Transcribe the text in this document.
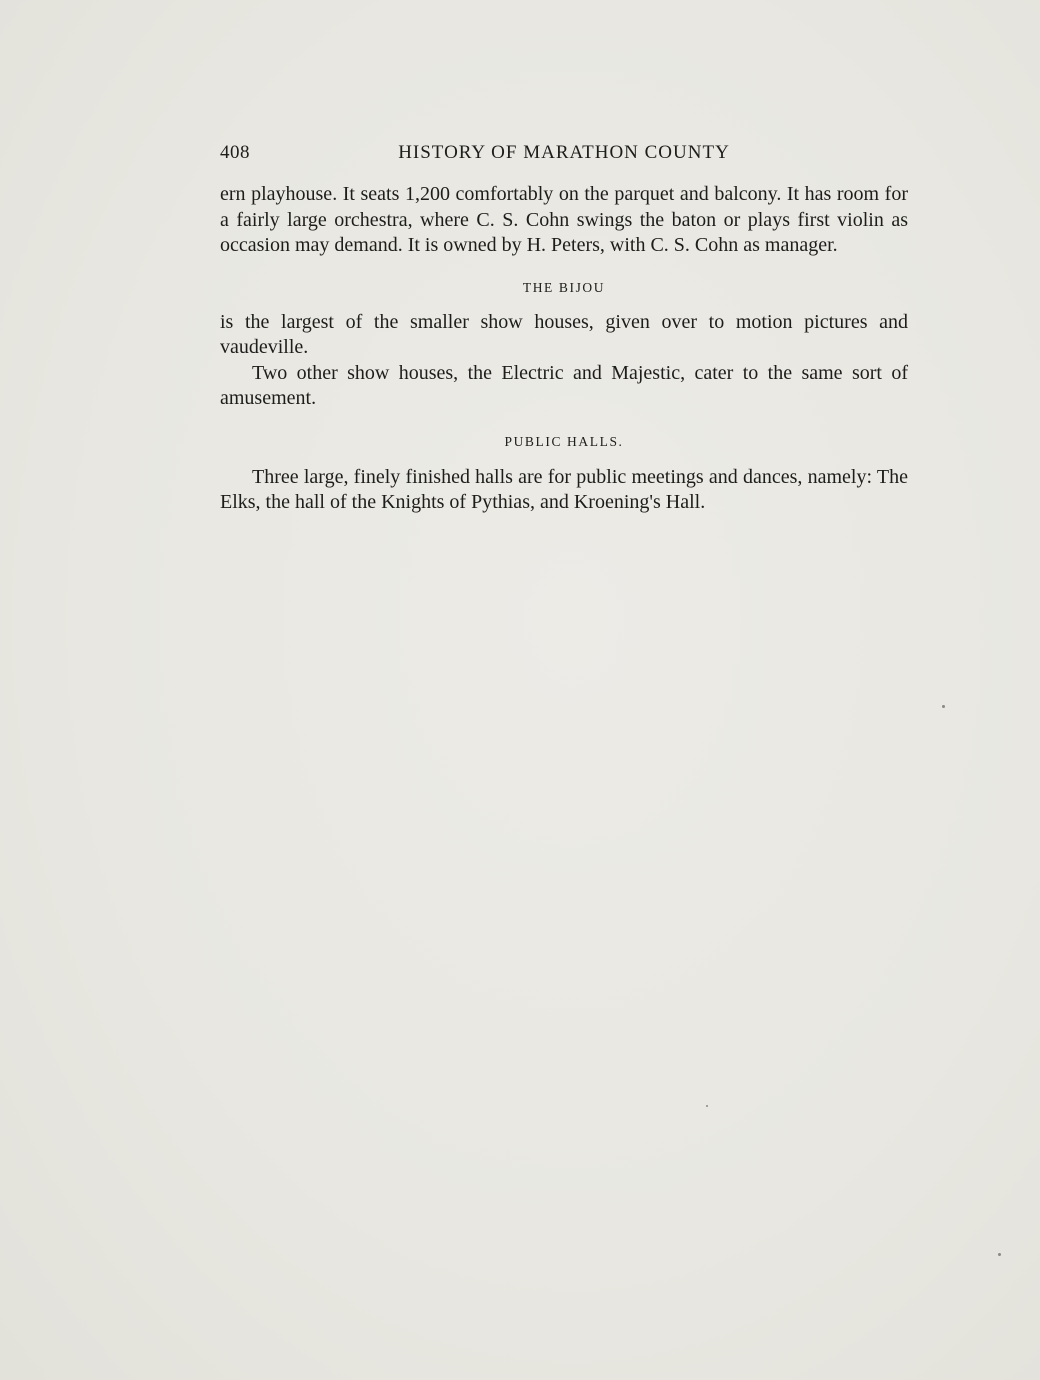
408	HISTORY OF MARATHON COUNTY

ern playhouse. It seats 1,200 comfortably on the parquet and balcony. It has room for a fairly large orchestra, where C. S. Cohn swings the baton or plays first violin as occasion may demand. It is owned by H. Peters, with C. S. Cohn as manager.

THE BIJOU

is the largest of the smaller show houses, given over to motion pictures and vaudeville.

Two other show houses, the Electric and Majestic, cater to the same sort of amusement.

PUBLIC HALLS.

Three large, finely finished halls are for public meetings and dances, namely: The Elks, the hall of the Knights of Pythias, and Kroening's Hall.
